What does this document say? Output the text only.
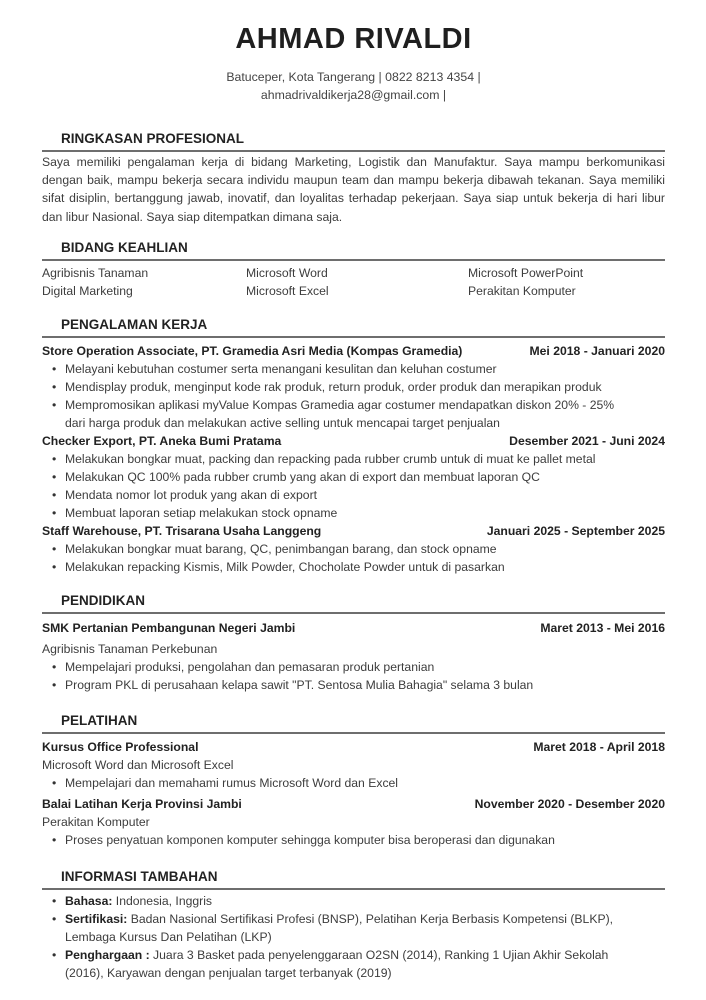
AHMAD RIVALDI
Batuceper, Kota Tangerang | 0822 8213 4354 |
ahmadrivaldikerja28@gmail.com |
RINGKASAN PROFESIONAL
Saya memiliki pengalaman kerja di bidang Marketing, Logistik dan Manufaktur. Saya mampu berkomunikasi dengan baik, mampu bekerja secara individu maupun team dan mampu bekerja dibawah tekanan. Saya memiliki sifat disiplin, bertanggung jawab, inovatif, dan loyalitas terhadap pekerjaan. Saya siap untuk bekerja di hari libur dan libur Nasional. Saya siap ditempatkan dimana saja.
BIDANG KEAHLIAN
Agribisnis Tanaman	Microsoft Word	Microsoft PowerPoint
Digital Marketing	Microsoft Excel	Perakitan Komputer
PENGALAMAN KERJA
Store Operation Associate, PT. Gramedia Asri Media (Kompas Gramedia)	Mei 2018 - Januari 2020
• Melayani kebutuhan costumer serta menangani kesulitan dan keluhan costumer
• Mendisplay produk, menginput kode rak produk, return produk, order produk dan merapikan produk
• Mempromosikan aplikasi myValue Kompas Gramedia agar costumer mendapatkan diskon 20% - 25% dari harga produk dan melakukan active selling untuk mencapai target penjualan
Checker Export, PT. Aneka Bumi Pratama	Desember 2021 - Juni 2024
• Melakukan bongkar muat, packing dan repacking pada rubber crumb untuk di muat ke pallet metal
• Melakukan QC 100% pada rubber crumb yang akan di export dan membuat laporan QC
• Mendata nomor lot produk yang akan di export
• Membuat laporan setiap melakukan stock opname
Staff Warehouse, PT. Trisarana Usaha Langgeng	Januari 2025 - September 2025
• Melakukan bongkar muat barang, QC, penimbangan barang, dan stock opname
• Melakukan repacking Kismis, Milk Powder, Chocholate Powder untuk di pasarkan
PENDIDIKAN
SMK Pertanian Pembangunan Negeri Jambi	Maret 2013 - Mei 2016
Agribisnis Tanaman Perkebunan
• Mempelajari produksi, pengolahan dan pemasaran produk pertanian
• Program PKL di perusahaan kelapa sawit "PT. Sentosa Mulia Bahagia" selama 3 bulan
PELATIHAN
Kursus Office Professional	Maret 2018 - April 2018
Microsoft Word dan Microsoft Excel
• Mempelajari dan memahami rumus Microsoft Word dan Excel
Balai Latihan Kerja Provinsi Jambi	November 2020 - Desember 2020
Perakitan Komputer
• Proses penyatuan komponen komputer sehingga komputer bisa beroperasi dan digunakan
INFORMASI TAMBAHAN
• Bahasa: Indonesia, Inggris
• Sertifikasi: Badan Nasional Sertifikasi Profesi (BNSP), Pelatihan Kerja Berbasis Kompetensi (BLKP), Lembaga Kursus Dan Pelatihan (LKP)
• Penghargaan : Juara 3 Basket pada penyelenggaraan O2SN (2014), Ranking 1 Ujian Akhir Sekolah (2016), Karyawan dengan penjualan target terbanyak (2019)
